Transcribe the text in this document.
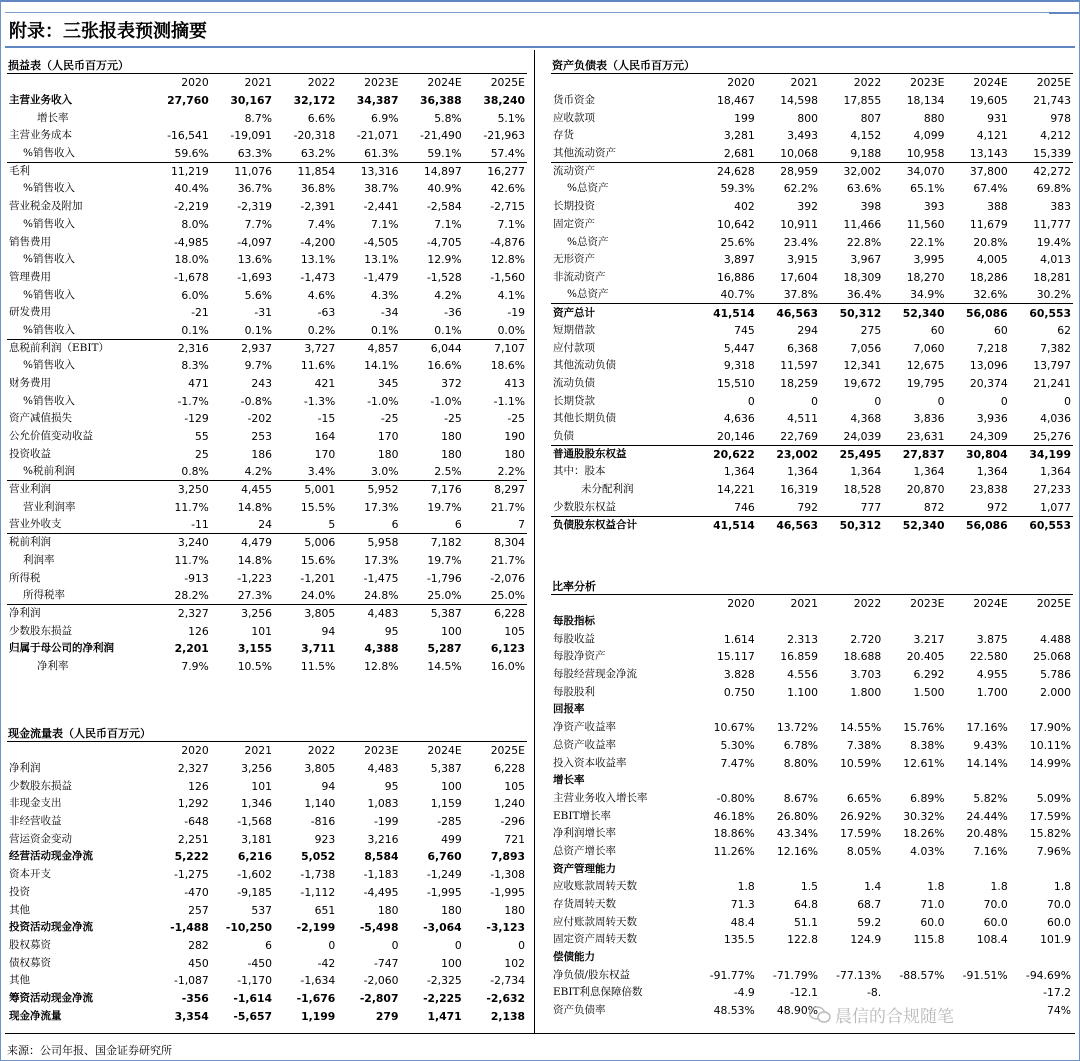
附录：三张报表预测摘要
损益表（人民币百万元）
	2020	2021	2022	2023E	2024E	2025E
主营业务收入	27,760	30,167	32,172	34,387	36,388	38,240
增长率		8.7%	6.6%	6.9%	5.8%	5.1%
主营业务成本	-16,541	-19,091	-20,318	-21,071	-21,490	-21,963
%销售收入	59.6%	63.3%	63.2%	61.3%	59.1%	57.4%
毛利	11,219	11,076	11,854	13,316	14,897	16,277
%销售收入	40.4%	36.7%	36.8%	38.7%	40.9%	42.6%
营业税金及附加	-2,219	-2,319	-2,391	-2,441	-2,584	-2,715
%销售收入	8.0%	7.7%	7.4%	7.1%	7.1%	7.1%
销售费用	-4,985	-4,097	-4,200	-4,505	-4,705	-4,876
%销售收入	18.0%	13.6%	13.1%	13.1%	12.9%	12.8%
管理费用	-1,678	-1,693	-1,473	-1,479	-1,528	-1,560
%销售收入	6.0%	5.6%	4.6%	4.3%	4.2%	4.1%
研发费用	-21	-31	-63	-34	-36	-19
%销售收入	0.1%	0.1%	0.2%	0.1%	0.1%	0.0%
息税前利润（EBIT）	2,316	2,937	3,727	4,857	6,044	7,107
%销售收入	8.3%	9.7%	11.6%	14.1%	16.6%	18.6%
财务费用	471	243	421	345	372	413
%销售收入	-1.7%	-0.8%	-1.3%	-1.0%	-1.0%	-1.1%
资产减值损失	-129	-202	-15	-25	-25	-25
公允价值变动收益	55	253	164	170	180	190
投资收益	25	186	170	180	180	180
%税前利润	0.8%	4.2%	3.4%	3.0%	2.5%	2.2%
营业利润	3,250	4,455	5,001	5,952	7,176	8,297
营业利润率	11.7%	14.8%	15.5%	17.3%	19.7%	21.7%
营业外收支	-11	24	5	6	6	7
税前利润	3,240	4,479	5,006	5,958	7,182	8,304
利润率	11.7%	14.8%	15.6%	17.3%	19.7%	21.7%
所得税	-913	-1,223	-1,201	-1,475	-1,796	-2,076
所得税率	28.2%	27.3%	24.0%	24.8%	25.0%	25.0%
净利润	2,327	3,256	3,805	4,483	5,387	6,228
少数股东损益	126	101	94	95	100	105
归属于母公司的净利润	2,201	3,155	3,711	4,388	5,287	6,123
净利率	7.9%	10.5%	11.5%	12.8%	14.5%	16.0%
现金流量表（人民币百万元）
	2020	2021	2022	2023E	2024E	2025E
净利润	2,327	3,256	3,805	4,483	5,387	6,228
少数股东损益	126	101	94	95	100	105
非现金支出	1,292	1,346	1,140	1,083	1,159	1,240
非经营收益	-648	-1,568	-816	-199	-285	-296
营运资金变动	2,251	3,181	923	3,216	499	721
经营活动现金净流	5,222	6,216	5,052	8,584	6,760	7,893
资本开支	-1,275	-1,602	-1,738	-1,183	-1,249	-1,308
投资	-470	-9,185	-1,112	-4,495	-1,995	-1,995
其他	257	537	651	180	180	180
投资活动现金净流	-1,488	-10,250	-2,199	-5,498	-3,064	-3,123
股权募资	282	6	0	0	0	0
债权募资	450	-450	-42	-747	100	102
其他	-1,087	-1,170	-1,634	-2,060	-2,325	-2,734
筹资活动现金净流	-356	-1,614	-1,676	-2,807	-2,225	-2,632
现金净流量	3,354	-5,657	1,199	279	1,471	2,138
资产负债表（人民币百万元）
	2020	2021	2022	2023E	2024E	2025E
货币资金	18,467	14,598	17,855	18,134	19,605	21,743
应收款项	199	800	807	880	931	978
存货	3,281	3,493	4,152	4,099	4,121	4,212
其他流动资产	2,681	10,068	9,188	10,958	13,143	15,339
流动资产	24,628	28,959	32,002	34,070	37,800	42,272
%总资产	59.3%	62.2%	63.6%	65.1%	67.4%	69.8%
长期投资	402	392	398	393	388	383
固定资产	10,642	10,911	11,466	11,560	11,679	11,777
%总资产	25.6%	23.4%	22.8%	22.1%	20.8%	19.4%
无形资产	3,897	3,915	3,967	3,995	4,005	4,013
非流动资产	16,886	17,604	18,309	18,270	18,286	18,281
%总资产	40.7%	37.8%	36.4%	34.9%	32.6%	30.2%
资产总计	41,514	46,563	50,312	52,340	56,086	60,553
短期借款	745	294	275	60	60	62
应付款项	5,447	6,368	7,056	7,060	7,218	7,382
其他流动负债	9,318	11,597	12,341	12,675	13,096	13,797
流动负债	15,510	18,259	19,672	19,795	20,374	21,241
长期贷款	0	0	0	0	0	0
其他长期负债	4,636	4,511	4,368	3,836	3,936	4,036
负债	20,146	22,769	24,039	23,631	24,309	25,276
普通股股东权益	20,622	23,002	25,495	27,837	30,804	34,199
其中：股本	1,364	1,364	1,364	1,364	1,364	1,364
未分配利润	14,221	16,319	18,528	20,870	23,838	27,233
少数股东权益	746	792	777	872	972	1,077
负债股东权益合计	41,514	46,563	50,312	52,340	56,086	60,553
比率分析
	2020	2021	2022	2023E	2024E	2025E
每股指标						
每股收益	1.614	2.313	2.720	3.217	3.875	4.488
每股净资产	15.117	16.859	18.688	20.405	22.580	25.068
每股经营现金净流	3.828	4.556	3.703	6.292	4.955	5.786
每股股利	0.750	1.100	1.800	1.500	1.700	2.000
回报率						
净资产收益率	10.67%	13.72%	14.55%	15.76%	17.16%	17.90%
总资产收益率	5.30%	6.78%	7.38%	8.38%	9.43%	10.11%
投入资本收益率	7.47%	8.80%	10.59%	12.61%	14.14%	14.99%
增长率						
主营业务收入增长率	-0.80%	8.67%	6.65%	6.89%	5.82%	5.09%
EBIT增长率	46.18%	26.80%	26.92%	30.32%	24.44%	17.59%
净利润增长率	18.86%	43.34%	17.59%	18.26%	20.48%	15.82%
总资产增长率	11.26%	12.16%	8.05%	4.03%	7.16%	7.96%
资产管理能力						
应收账款周转天数	1.8	1.5	1.4	1.8	1.8	1.8
存货周转天数	71.3	64.8	68.7	71.0	70.0	70.0
应付账款周转天数	48.4	51.1	59.2	60.0	60.0	60.0
固定资产周转天数	135.5	122.8	124.9	115.8	108.4	101.9
偿债能力						
净负债/股东权益	-91.77%	-71.79%	-77.13%	-88.57%	-91.51%	-94.69%
EBIT利息保障倍数	-4.9	-12.1	-8.			-17.2
资产负债率	48.53%	48.90%				74%
晨信的合规随笔
来源：公司年报、国金证券研究所
